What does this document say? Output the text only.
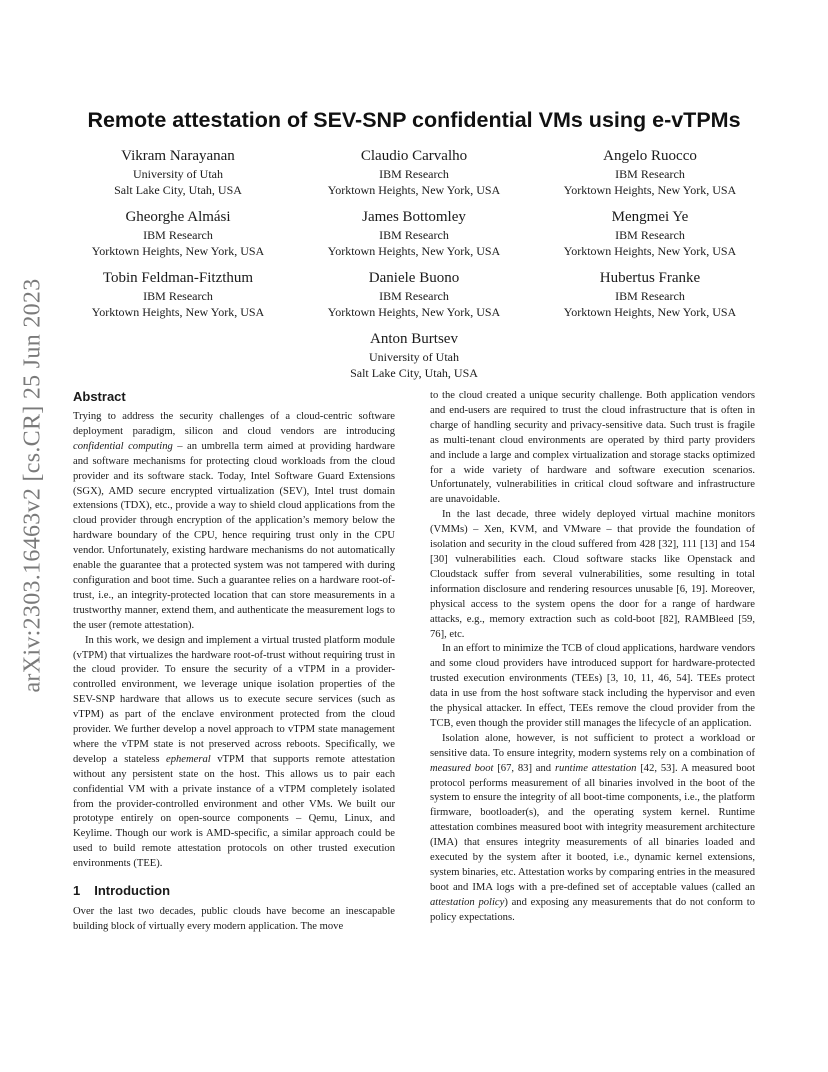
arXiv:2303.16463v2 [cs.CR] 25 Jun 2023
Remote attestation of SEV-SNP confidential VMs using e-vTPMs
Vikram Narayanan
University of Utah
Salt Lake City, Utah, USA
Claudio Carvalho
IBM Research
Yorktown Heights, New York, USA
Angelo Ruocco
IBM Research
Yorktown Heights, New York, USA
Gheorghe Almási
IBM Research
Yorktown Heights, New York, USA
James Bottomley
IBM Research
Yorktown Heights, New York, USA
Mengmei Ye
IBM Research
Yorktown Heights, New York, USA
Tobin Feldman-Fitzthum
IBM Research
Yorktown Heights, New York, USA
Daniele Buono
IBM Research
Yorktown Heights, New York, USA
Hubertus Franke
IBM Research
Yorktown Heights, New York, USA
Anton Burtsev
University of Utah
Salt Lake City, Utah, USA
Abstract

Trying to address the security challenges of a cloud-centric software deployment paradigm, silicon and cloud vendors are introducing confidential computing – an umbrella term aimed at providing hardware and software mechanisms for protecting cloud workloads from the cloud provider and its software stack. Today, Intel Software Guard Extensions (SGX), AMD secure encrypted virtualization (SEV), Intel trust domain extensions (TDX), etc., provide a way to shield cloud applications from the cloud provider through encryption of the application’s memory below the hardware boundary of the CPU, hence requiring trust only in the CPU vendor. Unfortunately, existing hardware mechanisms do not automatically enable the guarantee that a protected system was not tampered with during configuration and boot time. Such a guarantee relies on a hardware root-of-trust, i.e., an integrity-protected location that can store measurements in a trustworthy manner, extend them, and authenticate the measurement logs to the user (remote attestation).

In this work, we design and implement a virtual trusted platform module (vTPM) that virtualizes the hardware root-of-trust without requiring trust in the cloud provider. To ensure the security of a vTPM in a provider-controlled environment, we leverage unique isolation properties of the SEV-SNP hardware that allows us to execute secure services (such as vTPM) as part of the enclave environment protected from the cloud provider. We further develop a novel approach to vTPM state management where the vTPM state is not preserved across reboots. Specifically, we develop a stateless ephemeral vTPM that supports remote attestation without any persistent state on the host. This allows us to pair each confidential VM with a private instance of a vTPM completely isolated from the provider-controlled environment and other VMs. We built our prototype entirely on open-source components – Qemu, Linux, and Keylime. Though our work is AMD-specific, a similar approach could be used to build remote attestation protocols on other trusted execution environments (TEE).

1 Introduction

Over the last two decades, public clouds have become an inescapable building block of virtually every modern application. The move

to the cloud created a unique security challenge. Both application vendors and end-users are required to trust the cloud infrastructure that is often in charge of handling security and privacy-sensitive data. Such trust is fragile as multi-tenant cloud environments are operated by third party providers and include a large and complex virtualization and storage stacks optimized for a wide variety of hardware and software execution scenarios. Unfortunately, vulnerabilities in critical cloud software and infrastructure are unavoidable.

In the last decade, three widely deployed virtual machine monitors (VMMs) – Xen, KVM, and VMware – that provide the foundation of isolation and security in the cloud suffered from 428 [32], 111 [13] and 154 [30] vulnerabilities each. Cloud software stacks like Openstack and Cloudstack suffer from several vulnerabilities, some resulting in total information disclosure and rendering resources unusable [6, 19]. Moreover, physical access to the system opens the door for a range of hardware attacks, e.g., memory extraction such as cold-boot [82], RAMBleed [59, 76], etc.

In an effort to minimize the TCB of cloud applications, hardware vendors and some cloud providers have introduced support for hardware-protected trusted execution environments (TEEs) [3, 10, 11, 46, 54]. TEEs protect data in use from the host software stack including the hypervisor and even the physical attacker. In effect, TEEs remove the cloud provider from the TCB, even though the provider still manages the lifecycle of an application.

Isolation alone, however, is not sufficient to protect a workload or sensitive data. To ensure integrity, modern systems rely on a combination of measured boot [67, 83] and runtime attestation [42, 53]. A measured boot protocol performs measurement of all binaries involved in the boot of the system to ensure the integrity of all boot-time components, i.e., the platform firmware, bootloader(s), and the operating system kernel. Runtime attestation combines measured boot with integrity measurement architecture (IMA) that ensures integrity measurements of all binaries loaded and executed by the system after it booted, i.e., dynamic kernel extensions, system binaries, etc. Attestation works by comparing entries in the measured boot and IMA logs with a pre-defined set of acceptable values (called an attestation policy) and exposing any measurements that do not conform to policy expectations.
